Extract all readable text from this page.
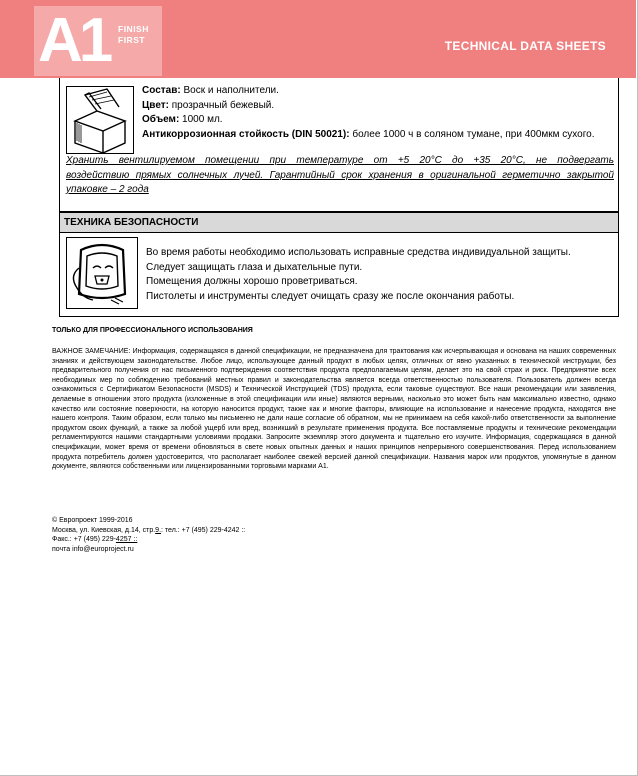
A1 FINISH
FIRST	TECHNICAL DATA SHEETS
Состав: Воск и наполнители.
Цвет: прозрачный бежевый.
Объем: 1000 мл.
Антикоррозионная стойкость (DIN 50021): более 1000 ч в соляном тумане, при 400мкм сухого.
Хранить вентилируемом помещении при температуре от +5 20°С до +35 20°С, не подвергать
воздействию прямых солнечных лучей. Гарантийный срок хранения в оригинальной герметично закрытой
упаковке – 2 года
ТЕХНИКА БЕЗОПАСНОСТИ
Во время работы необходимо использовать исправные средства индивидуальной защиты.
Следует защищать глаза и дыхательные пути.
Помещения должны хорошо проветриваться.
Пистолеты и инструменты следует очищать сразу же после окончания работы.
ТОЛЬКО ДЛЯ ПРОФЕССИОНАЛЬНОГО ИСПОЛЬЗОВАНИЯ
ВАЖНОЕ ЗАМЕЧАНИЕ: Информация, содержащаяся в данной спецификации, не предназначена для трактования как исчерпывающая и основана на наших современных знаниях и действующем законодательстве. Любое лицо, использующее данный продукт в любых целях, отличных от явно указанных в технической инструкции, без предварительного получения от нас письменного подтверждения соответствия продукта предполагаемым целям, делает это на свой страх и риск. Предпринятие всех необходимых мер по соблюдению требований местных правил и законодательства является всегда ответственностью пользователя. Пользователь должен всегда ознакомиться с Сертификатом Безопасности (MSDS) и Технической Инструкцией (TDS) продукта, если таковые существуют. Все наши рекомендации или заявления, делаемые в отношении этого продукта (изложенные в этой спецификации или иные) являются верными, насколько это может быть нам максимально известно, однако качество или состояние поверхности, на которую наносится продукт, также как и многие факторы, влияющие на использование и нанесение продукта, находятся вне нашего контроля. Таким образом, если только мы письменно не дали наше согласие об обратном, мы не принимаем на себя какой-либо ответственности за выполнение продуктом своих функций, а также за любой ущерб или вред, возникший в результате применения продукта. Все поставляемые продукты и технические рекомендации регламентируются нашими стандартными условиями продажи. Запросите экземпляр этого документа и тщательно его изучите. Информация, содержащаяся в данной спецификации, может время от времени обновляться в свете новых опытных данных и наших принципов непрерывного совершенствования. Перед использованием продукта потребитель должен удостоверится, что располагает наиболее свежей версией данной спецификации. Названия марок или продуктов, упомянутые в данном документе, являются собственными или лицензированными торговыми марками A1.
© Европроект 1999-2016
Москва, ул. Киевская, д.14, стр.9.: тел.: +7 (495) 229-4242 ::
Факс.: +7 (495) 229-4257 ::
почта info@europroject.ru
